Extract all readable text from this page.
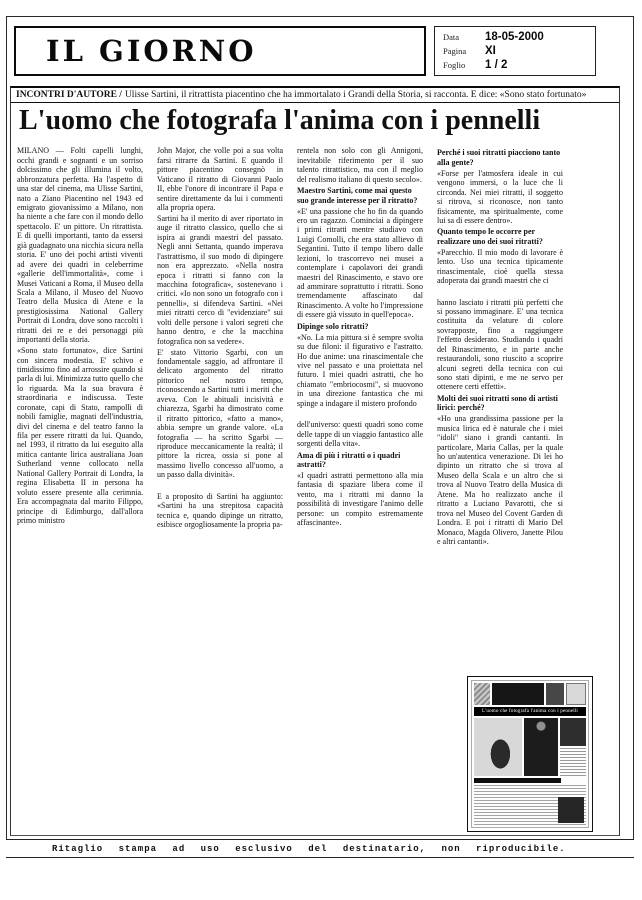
IL GIORNO	Data	18-05-2000
Pagina	XI
Foglio	1 / 2
INCONTRI D'AUTORE / Ulisse Sartini, il ritrattista piacentino che ha immortalato i Grandi della Storia, si racconta. E dice: «Sono stato fortunato»
L'uomo che fotografa l'anima con i pennelli

MILANO — Folti capelli lunghi, occhi grandi e sognanti e un sorriso dolcissimo che gli illumina il volto, abbronzatura perfetta. Ha l'aspetto di una star del cinema, ma Ulisse Sartini, nato a Ziano Piacentino nel 1943 ed emigrato giovanissimo a Milano, non ha niente a che fare con il mondo dello spettacolo. E' un pittore. Un ritrattista. E di quelli importanti, tanto da essersi già guadagnato una nicchia sicura nella storia. E' uno dei pochi artisti viventi ad avere dei quadri in celeberrime «gallerie dell'immortalità», come i Musei Vaticani a Roma, il Museo della Scala a Milano, il Museo del Nuovo Teatro della Musica di Atene e la prestigiosissima National Gallery Portrait di Londra, dove sono raccolti i ritratti dei re e dei personaggi più importanti della storia.

«Sono stato fortunato», dice Sartini con sincera modestia. E' schivo e timidissimo fino ad arrossire quando si parla di lui. Minimizza tutto quello che lo riguarda. Ma la sua bravura è straordinaria e indiscussa. Teste coronate, capi di Stato, rampolli di nobili famiglie, magnati dell'industria, divi del cinema e del teatro fanno la fila per essere ritratti da lui. Quando, nel 1993, il ritratto da lui eseguito alla mitica cantante lirica australiana Joan Sutherland venne collocato nella National Gallery Portrait di Londra, la regina Elisabetta II in persona ha voluto essere presente alla cerimnia. Era accompagnata dal marito Filippo, principe di Edimburgo, dall'allora primo ministro

John Major, che volle poi a sua volta farsi ritrarre da Sartini. E quando il pittore piacentino consegnò in Vaticano il ritratto di Giovanni Paolo II, ebbe l'onore di incontrare il Papa e sentire direttamente da lui i commenti alla propria opera.

Sartini ha il merito di aver riportato in auge il ritratto classico, quello che si ispira ai grandi maestri del passato. Negli anni Settanta, quando imperava l'astrattismo, il suo modo di dipingere non era apprezzato. «Nella nostra epoca i ritratti si fanno con la macchina fotografica», sostenevano i critici. «Io non sono un fotografo con i pennelli», si difendeva Sartini. «Nei miei ritratti cerco di "evidenziare" sui volti delle persone i valori segreti che hanno dentro, e che la macchina fotografica non sa vedere».

E' stato Vittorio Sgarbi, con un fondamentale saggio, ad affrontare il delicato argomento del ritratto pittorico nel nostro tempo, riconoscendo a Sartini tutti i meriti che aveva. Con le abituali incisività e chiarezza, Sgarbi ha dimostrato come il ritratto pittorico, «fatto a mano», abbia sempre un grande valore. «La fotografia — ha scritto Sgarbi — riproduce meccanicamente la realtà; il pittore la ricrea, ossia si pone al massimo livello concesso all'uomo, a un passo dalla divinità».

E a proposito di Sartini ha aggiunto: «Sartini ha una strepitosa capacità tecnica e, quando dipinge un ritratto, esibisce orgogliosamente la propria pa-

rentela non solo con gli Annigoni, inevitabile riferimento per il suo talento ritrattistico, ma con il meglio del realismo italiano di questo secolo».

Maestro Sartini, come mai questo suo grande interesse per il ritratto?

«E' una passione che ho fin da quando ero un ragazzo. Cominciai a dipingere i primi ritratti mentre studiavo con Luigi Comolli, che era stato allievo di Segantini. Tutto il tempo libero dalle lezioni, lo trascorrevo nei musei a contemplare i capolavori dei grandi maestri del Rinascimento, e stavo ore ad ammirare soprattutto i ritratti. Sono tremendamente affascinato dal Rinascimento. A volte ho l'impressione di essere già vissuto in quell'epoca».

Dipinge solo ritratti?

«No. La mia pittura si è sempre svolta su due filoni: il figurativo e l'astratto. Ho due anime: una rinascimentale che vive nel passato e una proiettata nel futuro. I miei quadri astratti, che ho chiamato "embriocosmi", si muovono in una direzione fantastica che mi spinge a indagare il mistero profondo

dell'universo: questi quadri sono come delle tappe di un viaggio fantastico alle sorgenti della vita».

Ama di più i ritratti o i quadri astratti?

«I quadri astratti permettono alla mia fantasia di spaziare libera come il vento, ma i ritratti mi danno la possibilità di investigare l'animo delle persone: un compito estremamente affascinante».

Perché i suoi ritratti piacciono tanto alla gente?

«Forse per l'atmosfera ideale in cui vengono immersi, o la luce che li circonda. Nei miei ritratti, il soggetto si ritrova, si riconosce, non tanto fisicamente, ma spiritualmente, come lui sa di essere dentro».

Quanto tempo le occorre per realizzare uno dei suoi ritratti?

«Parecchio. Il mio modo di lavorare è lento. Uso una tecnica tipicamente rinascimentale, cioè quella stessa adoperata dai grandi maestri che ci

hanno lasciato i ritratti più perfetti che si possano immaginare. E' una tecnica costituita da velature di colore sovrapposte, fino a raggiungere l'effetto desiderato. Studiando i quadri del Rinascimento, e in parte anche restaurandoli, sono riuscito a scoprire alcuni segreti della tecnica con cui sono stati dipinti, e me ne servo per ottenere certi effetti».

Molti dei suoi ritratti sono di artisti lirici: perché?

«Ho una grandissima passione per la musica lirica ed è naturale che i miei "idoli" siano i grandi cantanti. In particolare, Maria Callas, per la quale ho un'autentica venerazione. Di lei ho dipinto un ritratto che si trova al Museo della Scala e un altro che si trova al Nuovo Teatro della Musica di Atene. Ma ho realizzato anche il ritratto a Luciano Pavarotti, che si trova nel Museo del Covent Garden di Londra. E poi i ritratti di Mario Del Monaco, Magda Olivero, Janette Pilou e altri cantanti».

L'uomo che fotografa l'anima con i pennelli
Ritaglio stampa ad uso esclusivo del destinatario, non riproducibile.
